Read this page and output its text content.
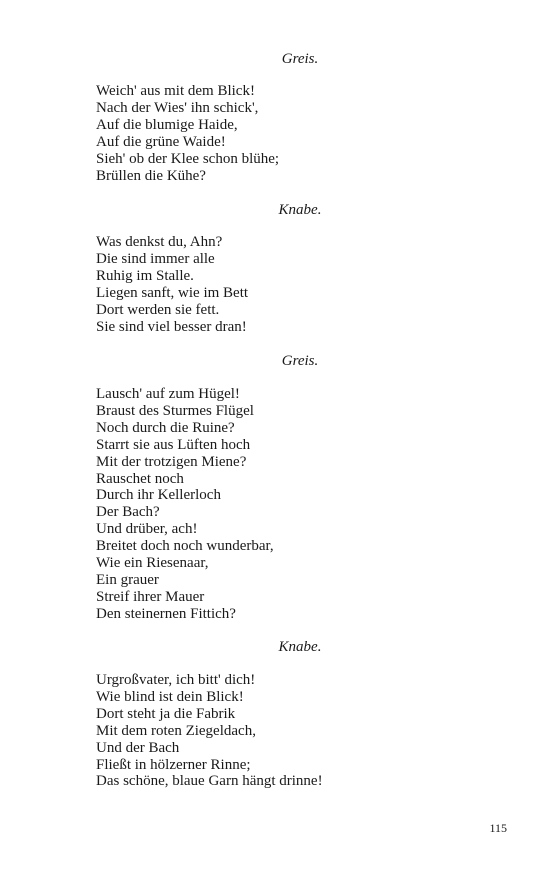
Greis.
Weich' aus mit dem Blick!
Nach der Wies' ihn schick',
Auf die blumige Haide,
Auf die grüne Waide!
Sieh' ob der Klee schon blühe;
Brüllen die Kühe?
Knabe.
Was denkst du, Ahn?
Die sind immer alle
Ruhig im Stalle.
Liegen sanft, wie im Bett
Dort werden sie fett.
Sie sind viel besser dran!
Greis.
Lausch' auf zum Hügel!
Braust des Sturmes Flügel
Noch durch die Ruine?
Starrt sie aus Lüften hoch
Mit der trotzigen Miene?
Rauschet noch
Durch ihr Kellerloch
Der Bach?
Und drüber, ach!
Breitet doch noch wunderbar,
Wie ein Riesenaar,
Ein grauer
Streif ihrer Mauer
Den steinernen Fittich?
Knabe.
Urgroßvater, ich bitt' dich!
Wie blind ist dein Blick!
Dort steht ja die Fabrik
Mit dem roten Ziegeldach,
Und der Bach
Fließt in hölzerner Rinne;
Das schöne, blaue Garn hängt drinne!
115
